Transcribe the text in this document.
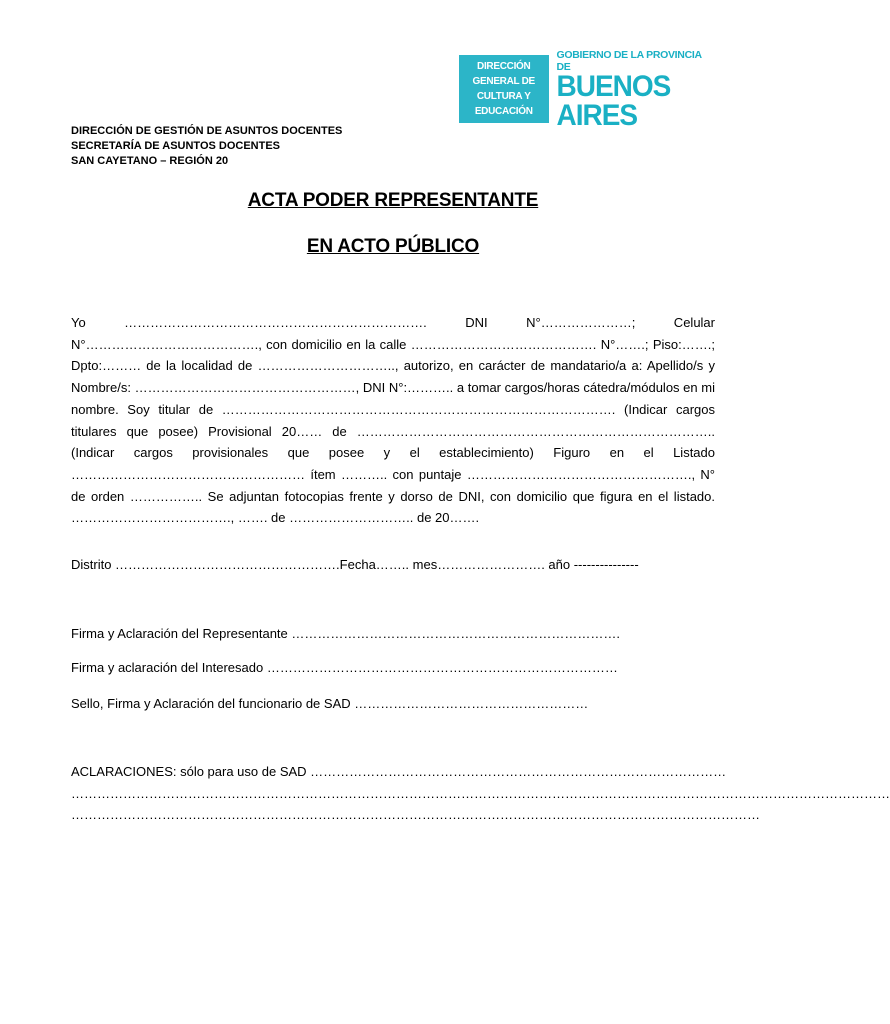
DIRECCIÓN GENERAL DE
CULTURA Y EDUCACIÓN
GOBIERNO DE LA PROVINCIA DE
BUENOS AIRES
DIRECCIÓN DE GESTIÓN DE ASUNTOS DOCENTES
SECRETARÍA DE ASUNTOS DOCENTES
SAN CAYETANO – REGIÓN 20
ACTA PODER REPRESENTANTE
EN ACTO PÚBLICO
Yo ……………………………………………………………. DNI N°…………………; Celular N°…………………………………., con domicilio en la calle ……………………………………. N°…….; Piso:…….; Dpto:……… de la localidad de ………………………….., autorizo, en carácter de mandatario/a a: Apellido/s y Nombre/s: ……………………………………………, DNI N°:……….. a tomar cargos/horas cátedra/módulos en mi nombre. Soy titular de ………………………………………………………………………………. (Indicar cargos titulares que posee) Provisional 20…… de ……………………………………………………………………….. (Indicar cargos provisionales que posee y el establecimiento) Figuro en el Listado ……………………………………………… ítem ……….. con puntaje ……………………………………………., N° de orden …………….. Se adjuntan fotocopias frente y dorso de DNI, con domicilio que figura en el listado. ………………………………., ……. de ……………………….. de 20…….
Distrito …………………………………………….Fecha…….. mes……………………. año ---------------
Firma y Aclaración del Representante ………………………………………………………………….
Firma y aclaración del Interesado ………………………………………………………………………
Sello, Firma y Aclaración del funcionario de SAD ………………………………………………
ACLARACIONES: sólo para uso de SAD ……………………………………………………………………………………
………………………………………………………………………………………………………………………………………………………………………
……………………………………………………………………………………………………………………………………………
